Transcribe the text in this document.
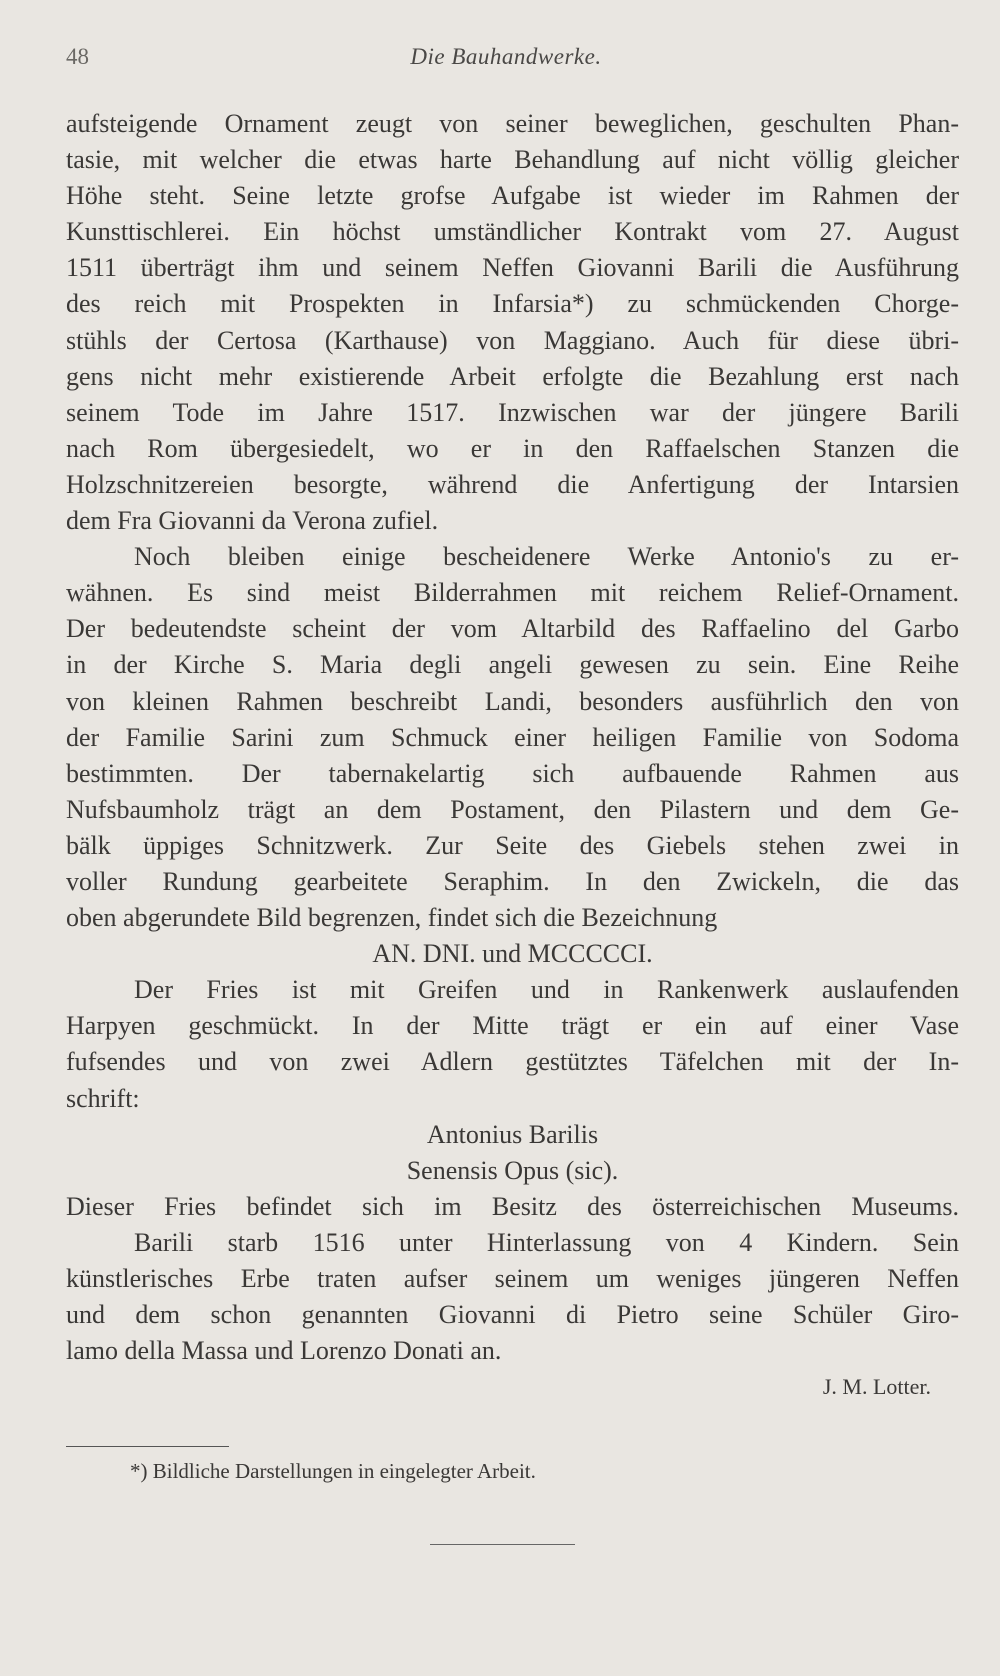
48	Die Bauhandwerke.
aufsteigende Ornament zeugt von seiner beweglichen, geschulten Phan-
tasie, mit welcher die etwas harte Behandlung auf nicht völlig gleicher
Höhe steht. Seine letzte grofse Aufgabe ist wieder im Rahmen der
Kunsttischlerei. Ein höchst umständlicher Kontrakt vom 27. August
1511 überträgt ihm und seinem Neffen Giovanni Barili die Ausführung
des reich mit Prospekten in Infarsia*) zu schmückenden Chorge-
stühls der Certosa (Karthause) von Maggiano. Auch für diese übri-
gens nicht mehr existierende Arbeit erfolgte die Bezahlung erst nach
seinem Tode im Jahre 1517. Inzwischen war der jüngere Barili
nach Rom übergesiedelt, wo er in den Raffaelschen Stanzen die
Holzschnitzereien besorgte, während die Anfertigung der Intarsien
dem Fra Giovanni da Verona zufiel.
Noch bleiben einige bescheidenere Werke Antonio's zu er-
wähnen. Es sind meist Bilderrahmen mit reichem Relief-Ornament.
Der bedeutendste scheint der vom Altarbild des Raffaelino del Garbo
in der Kirche S. Maria degli angeli gewesen zu sein. Eine Reihe
von kleinen Rahmen beschreibt Landi, besonders ausführlich den von
der Familie Sarini zum Schmuck einer heiligen Familie von Sodoma
bestimmten. Der tabernakelartig sich aufbauende Rahmen aus
Nufsbaumholz trägt an dem Postament, den Pilastern und dem Ge-
bälk üppiges Schnitzwerk. Zur Seite des Giebels stehen zwei in
voller Rundung gearbeitete Seraphim. In den Zwickeln, die das
oben abgerundete Bild begrenzen, findet sich die Bezeichnung
AN. DNI. und MCCCCCI.
Der Fries ist mit Greifen und in Rankenwerk auslaufenden
Harpyen geschmückt. In der Mitte trägt er ein auf einer Vase
fufsendes und von zwei Adlern gestütztes Täfelchen mit der In-
schrift:
Antonius Barilis
Senensis Opus (sic).
Dieser Fries befindet sich im Besitz des österreichischen Museums.
Barili starb 1516 unter Hinterlassung von 4 Kindern. Sein
künstlerisches Erbe traten aufser seinem um weniges jüngeren Neffen
und dem schon genannten Giovanni di Pietro seine Schüler Giro-
lamo della Massa und Lorenzo Donati an.
J. M. Lotter.
*) Bildliche Darstellungen in eingelegter Arbeit.
